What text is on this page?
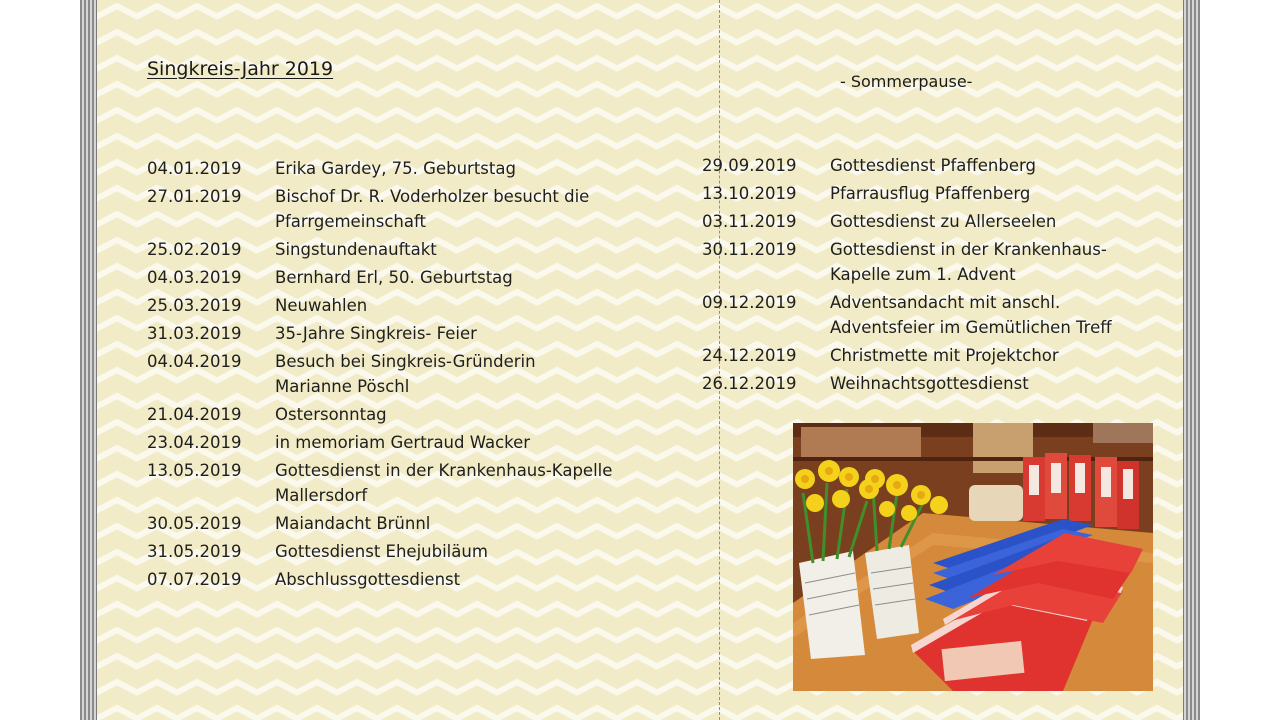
Singkreis-Jahr 2019
- Sommerpause-
04.01.2019	Erika Gardey, 75. Geburtstag
27.01.2019	Bischof Dr. R. Voderholzer besucht die Pfarrgemeinschaft
25.02.2019	Singstundenauftakt
04.03.2019	Bernhard Erl, 50. Geburtstag
25.03.2019	Neuwahlen
31.03.2019	35-Jahre Singkreis- Feier
04.04.2019	Besuch bei Singkreis-Gründerin Marianne Pöschl
21.04.2019	Ostersonntag
23.04.2019	in memoriam Gertraud Wacker
13.05.2019	Gottesdienst in der Krankenhaus-Kapelle Mallersdorf
30.05.2019	Maiandacht Brünnl
31.05.2019	Gottesdienst Ehejubiläum
07.07.2019	Abschlussgottesdienst
29.09.2019	Gottesdienst Pfaffenberg
13.10.2019	Pfarrausflug Pfaffenberg
03.11.2019	Gottesdienst zu Allerseelen
30.11.2019	Gottesdienst in der Krankenhaus-Kapelle zum 1. Advent
09.12.2019	Adventsandacht mit anschl. Adventsfeier im Gemütlichen Treff
24.12.2019	Christmette mit Projektchor
26.12.2019	Weihnachtsgottesdienst
